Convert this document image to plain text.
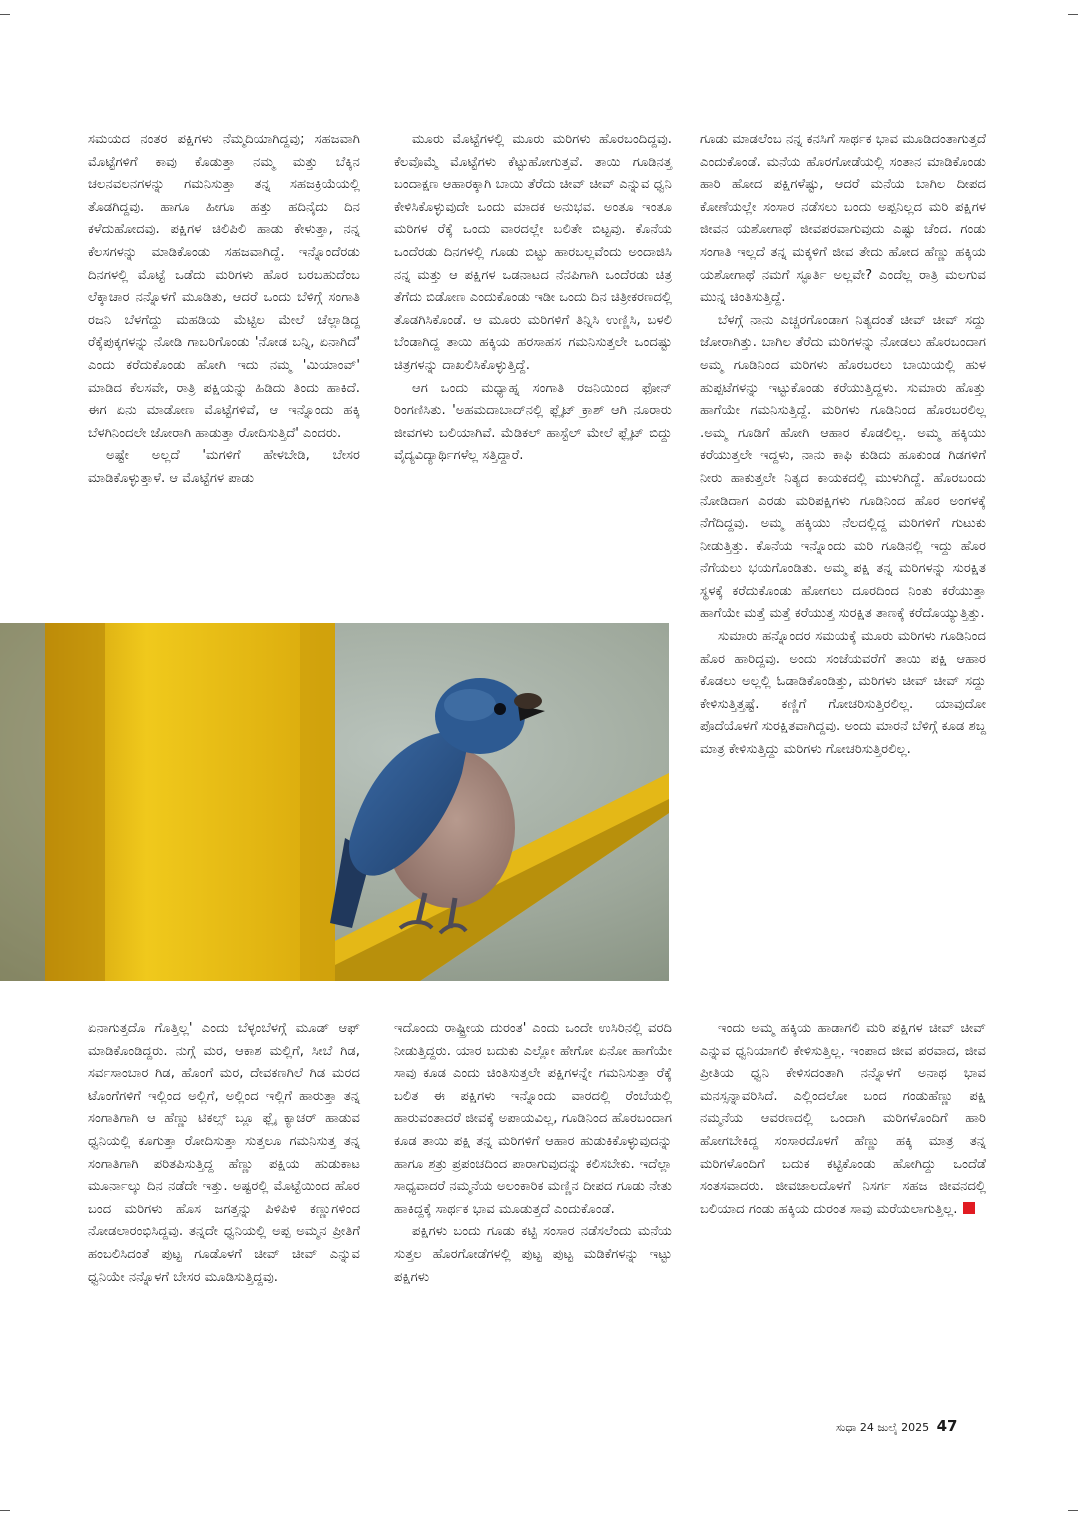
ಸಮಯದ ನಂತರ ಪಕ್ಷಿಗಳು ನೆಮ್ಮದಿಯಾಗಿದ್ದವು; ಸಹಜವಾಗಿ ಮೊಟ್ಟೆಗಳಿಗೆ ಕಾವು ಕೊಡುತ್ತಾ ನಮ್ಮ ಮತ್ತು ಬೆಕ್ಕಿನ ಚಲನವಲನಗಳನ್ನು ಗಮನಿಸುತ್ತಾ ತನ್ನ ಸಹಜಕ್ರಿಯೆಯಲ್ಲಿ ತೊಡಗಿದ್ದವು. ಹಾಗೂ ಹೀಗೂ ಹತ್ತು ಹದಿನೈದು ದಿನ ಕಳೆದುಹೋದವು. ಪಕ್ಷಿಗಳ ಚಿಲಿಪಿಲಿ ಹಾಡು ಕೇಳುತ್ತಾ, ನನ್ನ ಕೆಲಸಗಳನ್ನು ಮಾಡಿಕೊಂಡು ಸಹಜವಾಗಿದ್ದೆ. ಇನ್ನೊಂದೆರಡು ದಿನಗಳಲ್ಲಿ ಮೊಟ್ಟೆ ಒಡೆದು ಮರಿಗಳು ಹೊರ ಬರಬಹುದೆಂಬ ಲೆಕ್ಕಾಚಾರ ನನ್ನೊಳಗೆ ಮೂಡಿತು, ಆದರೆ ಒಂದು ಬೆಳಿಗ್ಗೆ ಸಂಗಾತಿ ರಜನಿ ಬೆಳಗೆದ್ದು ಮಹಡಿಯ ಮೆಟ್ಟಿಲ ಮೇಲೆ ಚೆಲ್ಲಾಡಿದ್ದ ರೆಕ್ಕೆಪುಕ್ಕಗಳನ್ನು ನೋಡಿ ಗಾಬರಿಗೊಂಡು 'ನೋಡ ಬನ್ನಿ, ಏನಾಗಿದೆ' ಎಂದು ಕರೆದುಕೊಂಡು ಹೋಗಿ ಇದು ನಮ್ಮ 'ಮಿಯಾಂವ್' ಮಾಡಿದ ಕೆಲಸವೇ, ರಾತ್ರಿ ಪಕ್ಷಿಯನ್ನು ಹಿಡಿದು ತಿಂದು ಹಾಕಿದೆ. ಈಗ ಏನು ಮಾಡೋಣ ಮೊಟ್ಟೆಗಳಿವೆ, ಆ ಇನ್ನೊಂದು ಹಕ್ಕಿ ಬೆಳಗಿನಿಂದಲೇ ಜೋರಾಗಿ ಹಾಡುತ್ತಾ ರೋದಿಸುತ್ತಿದೆ' ಎಂದರು.

ಅಷ್ಟೇ ಅಲ್ಲದೆ 'ಮಗಳಿಗೆ ಹೇಳಬೇಡಿ, ಬೇಸರ ಮಾಡಿಕೊಳ್ಳುತ್ತಾಳೆ. ಆ ಮೊಟ್ಟೆಗಳ ಪಾಡು

ಮೂರು ಮೊಟ್ಟೆಗಳಲ್ಲಿ ಮೂರು ಮರಿಗಳು ಹೊರಬಂದಿದ್ದವು. ಕೆಲವೊಮ್ಮೆ ಮೊಟ್ಟೆಗಳು ಕೆಟ್ಟುಹೋಗುತ್ತವೆ. ತಾಯಿ ಗೂಡಿನತ್ತ ಬಂದಾಕ್ಷಣ ಆಹಾರಕ್ಕಾಗಿ ಬಾಯಿ ತೆರೆದು ಚೀವ್ ಚೀವ್ ಎನ್ನುವ ಧ್ವನಿ ಕೇಳಿಸಿಕೊಳ್ಳುವುದೇ ಒಂದು ಮಾದಕ ಅನುಭವ. ಅಂತೂ ಇಂತೂ ಮರಿಗಳ ರೆಕ್ಕೆ ಒಂದು ವಾರದಲ್ಲೇ ಬಲಿತೇ ಬಿಟ್ಟವು. ಕೊನೆಯ ಒಂದೆರಡು ದಿನಗಳಲ್ಲಿ ಗೂಡು ಬಿಟ್ಟು ಹಾರಬಲ್ಲವೆಂದು ಅಂದಾಜಿಸಿ ನನ್ನ ಮತ್ತು ಆ ಪಕ್ಷಿಗಳ ಒಡನಾಟದ ನೆನಪಿಗಾಗಿ ಒಂದೆರಡು ಚಿತ್ರ ತೆಗೆದು ಬಿಡೋಣ ಎಂದುಕೊಂಡು ಇಡೀ ಒಂದು ದಿನ ಚಿತ್ರೀಕರಣದಲ್ಲಿ ತೊಡಗಿಸಿಕೊಂಡೆ. ಆ ಮೂರು ಮರಿಗಳಿಗೆ ತಿನ್ನಿಸಿ ಉಣ್ಣಿಸಿ, ಬಳಲಿ ಬೆಂಡಾಗಿದ್ದ ತಾಯಿ ಹಕ್ಕಿಯ ಹರಸಾಹಸ ಗಮನಿಸುತ್ತಲೇ ಒಂದಷ್ಟು ಚಿತ್ರಗಳನ್ನು ದಾಖಲಿಸಿಕೊಳ್ಳುತ್ತಿದ್ದೆ.

ಆಗ ಒಂದು ಮಧ್ಯಾಹ್ನ ಸಂಗಾತಿ ರಜನಿಯಿಂದ ಫೋನ್ ರಿಂಗಣಿಸಿತು. 'ಅಹಮದಾಬಾದ್‌ನಲ್ಲಿ ಫ್ಲೈಟ್ ಕ್ರಾಶ್ ಆಗಿ ನೂರಾರು ಜೀವಗಳು ಬಲಿಯಾಗಿವೆ. ಮೆಡಿಕಲ್ ಹಾಸ್ಟೆಲ್ ಮೇಲೆ ಫ್ಲೈಟ್ ಬಿದ್ದು ವೈದ್ಯವಿದ್ಯಾರ್ಥಿಗಳೆಲ್ಲ ಸತ್ತಿದ್ದಾರೆ.

ಗೂಡು ಮಾಡಲೆಂಬ ನನ್ನ ಕನಸಿಗೆ ಸಾರ್ಥಕ ಭಾವ ಮೂಡಿದಂತಾಗುತ್ತದೆ ಎಂದುಕೊಂಡೆ. ಮನೆಯ ಹೊರಗೋಡೆಯಲ್ಲಿ ಸಂತಾನ ಮಾಡಿಕೊಂಡು ಹಾರಿ ಹೋದ ಪಕ್ಷಿಗಳೆಷ್ಟು, ಆದರೆ ಮನೆಯ ಬಾಗಿಲ ದೀಪದ ಕೋಣೆಯಲ್ಲೇ ಸಂಸಾರ ನಡೆಸಲು ಬಂದು ಅಪ್ಪನಿಲ್ಲದ ಮರಿ ಪಕ್ಷಿಗಳ ಜೀವನ ಯಶೋಗಾಥೆ ಜೀವಪರವಾಗುವುದು ಎಷ್ಟು ಚೆಂದ. ಗಂಡು ಸಂಗಾತಿ ಇಲ್ಲದೆ ತನ್ನ ಮಕ್ಕಳಿಗೆ ಜೀವ ತೇದು ಹೋದ ಹೆಣ್ಣು ಹಕ್ಕಿಯ ಯಶೋಗಾಥೆ ನಮಗೆ ಸ್ಫೂರ್ತಿ ಅಲ್ಲವೇ? ಎಂದೆಲ್ಲ ರಾತ್ರಿ ಮಲಗುವ ಮುನ್ನ ಚಿಂತಿಸುತ್ತಿದ್ದೆ.

ಬೆಳಗ್ಗೆ ನಾನು ಎಚ್ಚರಗೊಂಡಾಗ ನಿತ್ಯದಂತೆ ಚೀವ್ ಚೀವ್ ಸದ್ದು ಜೋರಾಗಿತ್ತು. ಬಾಗಿಲ ತೆರೆದು ಮರಿಗಳನ್ನು ನೋಡಲು ಹೊರಬಂದಾಗ ಅಮ್ಮ ಗೂಡಿನಿಂದ ಮರಿಗಳು ಹೊರಬರಲು ಬಾಯಿಯಲ್ಲಿ ಹುಳ ಹುಪ್ಪಟೆಗಳನ್ನು ಇಟ್ಟುಕೊಂಡು ಕರೆಯುತ್ತಿದ್ದಳು. ಸುಮಾರು ಹೊತ್ತು ಹಾಗೆಯೇ ಗಮನಿಸುತ್ತಿದ್ದೆ. ಮರಿಗಳು ಗೂಡಿನಿಂದ ಹೊರಬರಲಿಲ್ಲ .ಅಮ್ಮ ಗೂಡಿಗೆ ಹೋಗಿ ಆಹಾರ ಕೊಡಲಿಲ್ಲ. ಅಮ್ಮ ಹಕ್ಕಿಯು ಕರೆಯುತ್ತಲೇ ಇದ್ದಳು, ನಾನು ಕಾಫಿ ಕುಡಿದು ಹೂಕುಂಡ ಗಿಡಗಳಿಗೆ ನೀರು ಹಾಕುತ್ತಲೇ ನಿತ್ಯದ ಕಾಯಕದಲ್ಲಿ ಮುಳುಗಿದ್ದೆ. ಹೊರಬಂದು ನೋಡಿದಾಗ ಎರಡು ಮರಿಪಕ್ಷಿಗಳು ಗೂಡಿನಿಂದ ಹೊರ ಅಂಗಳಕ್ಕೆ ನೆಗೆದಿದ್ದವು. ಅಮ್ಮ ಹಕ್ಕಿಯು ನೆಲದಲ್ಲಿದ್ದ ಮರಿಗಳಿಗೆ ಗುಟುಕು ನೀಡುತ್ತಿತ್ತು. ಕೊನೆಯ ಇನ್ನೊಂದು ಮರಿ ಗೂಡಿನಲ್ಲಿ ಇದ್ದು ಹೊರ ನೆಗೆಯಲು ಭಯಗೊಂಡಿತು. ಅಮ್ಮ ಪಕ್ಷಿ ತನ್ನ ಮರಿಗಳನ್ನು ಸುರಕ್ಷಿತ ಸ್ಥಳಕ್ಕೆ ಕರೆದುಕೊಂಡು ಹೋಗಲು ದೂರದಿಂದ ನಿಂತು ಕರೆಯುತ್ತಾ ಹಾಗೆಯೇ ಮತ್ತೆ ಮತ್ತೆ ಕರೆಯುತ್ತ ಸುರಕ್ಷಿತ ತಾಣಕ್ಕೆ ಕರೆದೊಯ್ಯುತ್ತಿತ್ತು.

ಸುಮಾರು ಹನ್ನೊಂದರ ಸಮಯಕ್ಕೆ ಮೂರು ಮರಿಗಳು ಗೂಡಿನಿಂದ ಹೊರ ಹಾರಿದ್ದವು. ಅಂದು ಸಂಜೆಯವರೆಗೆ ತಾಯಿ ಪಕ್ಷಿ ಆಹಾರ ಕೊಡಲು ಅಲ್ಲಲ್ಲಿ ಓಡಾಡಿಕೊಂಡಿತ್ತು, ಮರಿಗಳು ಚೀವ್ ಚೀವ್ ಸದ್ದು ಕೇಳಿಸುತ್ತಿತ್ತಷ್ಟೆ. ಕಣ್ಣಿಗೆ ಗೋಚರಿಸುತ್ತಿರಲಿಲ್ಲ. ಯಾವುದೋ ಪೊದೆಯೊಳಗೆ ಸುರಕ್ಷಿತವಾಗಿದ್ದವು. ಅಂದು ಮಾರನೆ ಬೆಳಿಗ್ಗೆ ಕೂಡ ಶಬ್ದ ಮಾತ್ರ ಕೇಳಿಸುತ್ತಿದ್ದು ಮರಿಗಳು ಗೋಚರಿಸುತ್ತಿರಲಿಲ್ಲ.

ಏನಾಗುತ್ತದೊ ಗೊತ್ತಿಲ್ಲ' ಎಂದು ಬೆಳ್ಳಂಬೆಳಗ್ಗೆ ಮೂಡ್ ಆಫ್ ಮಾಡಿಕೊಂಡಿದ್ದರು. ನುಗ್ಗೆ ಮರ, ಆಕಾಶ ಮಲ್ಲಿಗೆ, ಸೀಬೆ ಗಿಡ, ಸರ್ವಸಾಂಬಾರ ಗಿಡ, ಹೊಂಗೆ ಮರ, ದೇವಕಣಗಿಲೆ ಗಿಡ ಮರದ ಟೊಂಗೆಗಳಿಗೆ ಇಲ್ಲಿಂದ ಅಲ್ಲಿಗೆ, ಅಲ್ಲಿಂದ ಇಲ್ಲಿಗೆ ಹಾರುತ್ತಾ ತನ್ನ ಸಂಗಾತಿಗಾಗಿ ಆ ಹೆಣ್ಣು ಟಿಕಲ್ಸ್ ಬ್ಲೂ ಫ್ಲೈ ಕ್ಯಾಚರ್ ಹಾಡುವ ಧ್ವನಿಯಲ್ಲಿ ಕೂಗುತ್ತಾ ರೋದಿಸುತ್ತಾ ಸುತ್ತಲೂ ಗಮನಿಸುತ್ತ ತನ್ನ ಸಂಗಾತಿಗಾಗಿ ಪರಿತಪಿಸುತ್ತಿದ್ದ ಹೆಣ್ಣು ಪಕ್ಷಿಯ ಹುಡುಕಾಟ ಮೂರ್ನಾಲ್ಕು ದಿನ ನಡೆದೇ ಇತ್ತು. ಅಷ್ಟರಲ್ಲಿ ಮೊಟ್ಟೆಯಿಂದ ಹೊರ ಬಂದ ಮರಿಗಳು ಹೊಸ ಜಗತ್ತನ್ನು ಪಿಳಿಪಿಳಿ ಕಣ್ಣುಗಳಿಂದ ನೋಡಲಾರಂಭಿಸಿದ್ದವು. ತನ್ನದೇ ಧ್ವನಿಯಲ್ಲಿ ಅಪ್ಪ ಅಮ್ಮನ ಪ್ರೀತಿಗೆ ಹಂಬಲಿಸಿದಂತೆ ಪುಟ್ಟ ಗೂಡೊಳಗೆ ಚೀವ್ ಚೀವ್ ಎನ್ನುವ ಧ್ವನಿಯೇ ನನ್ನೊಳಗೆ ಬೇಸರ ಮೂಡಿಸುತ್ತಿದ್ದವು.

ಇದೊಂದು ರಾಷ್ಟ್ರೀಯ ದುರಂತ' ಎಂದು ಒಂದೇ ಉಸಿರಿನಲ್ಲಿ ವರದಿ ನೀಡುತ್ತಿದ್ದರು. ಯಾರ ಬದುಕು ಎಲ್ಲೋ ಹೇಗೋ ಏನೋ ಹಾಗೆಯೇ ಸಾವು ಕೂಡ ಎಂದು ಚಿಂತಿಸುತ್ತಲೇ ಪಕ್ಷಿಗಳನ್ನೇ ಗಮನಿಸುತ್ತಾ ರೆಕ್ಕೆ ಬಲಿತ ಈ ಪಕ್ಷಿಗಳು ಇನ್ನೊಂದು ವಾರದಲ್ಲಿ ರೆಂಬೆಯಲ್ಲಿ ಹಾರುವಂತಾದರೆ ಜೀವಕ್ಕೆ ಅಪಾಯವಿಲ್ಲ, ಗೂಡಿನಿಂದ ಹೊರಬಂದಾಗ ಕೂಡ ತಾಯಿ ಪಕ್ಷಿ ತನ್ನ ಮರಿಗಳಿಗೆ ಆಹಾರ ಹುಡುಕಿಕೊಳ್ಳುವುದನ್ನು ಹಾಗೂ ಶತ್ರು ಪ್ರಪಂಚದಿಂದ ಪಾರಾಗುವುದನ್ನು ಕಲಿಸಬೇಕು. ಇದೆಲ್ಲಾ ಸಾಧ್ಯವಾದರೆ ನಮ್ಮನೆಯ ಅಲಂಕಾರಿಕ ಮಣ್ಣಿನ ದೀಪದ ಗೂಡು ನೇತು ಹಾಕಿದ್ದಕ್ಕೆ ಸಾರ್ಥಕ ಭಾವ ಮೂಡುತ್ತದೆ ಎಂದುಕೊಂಡೆ.

ಪಕ್ಷಿಗಳು ಬಂದು ಗೂಡು ಕಟ್ಟಿ ಸಂಸಾರ ನಡೆಸಲೆಂದು ಮನೆಯ ಸುತ್ತಲ ಹೊರಗೋಡೆಗಳಲ್ಲಿ ಪುಟ್ಟ ಪುಟ್ಟ ಮಡಿಕೆಗಳನ್ನು ಇಟ್ಟು ಪಕ್ಷಿಗಳು

ಇಂದು ಅಮ್ಮ ಹಕ್ಕಿಯ ಹಾಡಾಗಲಿ ಮರಿ ಪಕ್ಷಿಗಳ ಚೀವ್ ಚೀವ್ ಎನ್ನುವ ಧ್ವನಿಯಾಗಲಿ ಕೇಳಿಸುತ್ತಿಲ್ಲ. ಇಂಪಾದ ಜೀವ ಪರವಾದ, ಜೀವ ಪ್ರೀತಿಯ ಧ್ವನಿ ಕೇಳಿಸದಂತಾಗಿ ನನ್ನೊಳಗೆ ಅನಾಥ ಭಾವ ಮನಸ್ಸನ್ನಾವರಿಸಿದೆ. ಎಲ್ಲಿಂದಲೋ ಬಂದ ಗಂಡುಹೆಣ್ಣು ಪಕ್ಷಿ ನಮ್ಮನೆಯ ಆವರಣದಲ್ಲಿ ಒಂದಾಗಿ ಮರಿಗಳೊಂದಿಗೆ ಹಾರಿ ಹೋಗಬೇಕಿದ್ದ ಸಂಸಾರದೊಳಗೆ ಹೆಣ್ಣು ಹಕ್ಕಿ ಮಾತ್ರ ತನ್ನ ಮರಿಗಳೊಂದಿಗೆ ಬದುಕ ಕಟ್ಟಿಕೊಂಡು ಹೋಗಿದ್ದು ಒಂದೆಡೆ ಸಂತಸವಾದರು. ಜೀವಜಾಲದೊಳಗೆ ನಿಸರ್ಗ ಸಹಜ ಜೀವನದಲ್ಲಿ ಬಲಿಯಾದ ಗಂಡು ಹಕ್ಕಿಯ ದುರಂತ ಸಾವು ಮರೆಯಲಾಗುತ್ತಿಲ್ಲ.

ಸುಧಾ 24 ಜುಲೈ 2025 47
